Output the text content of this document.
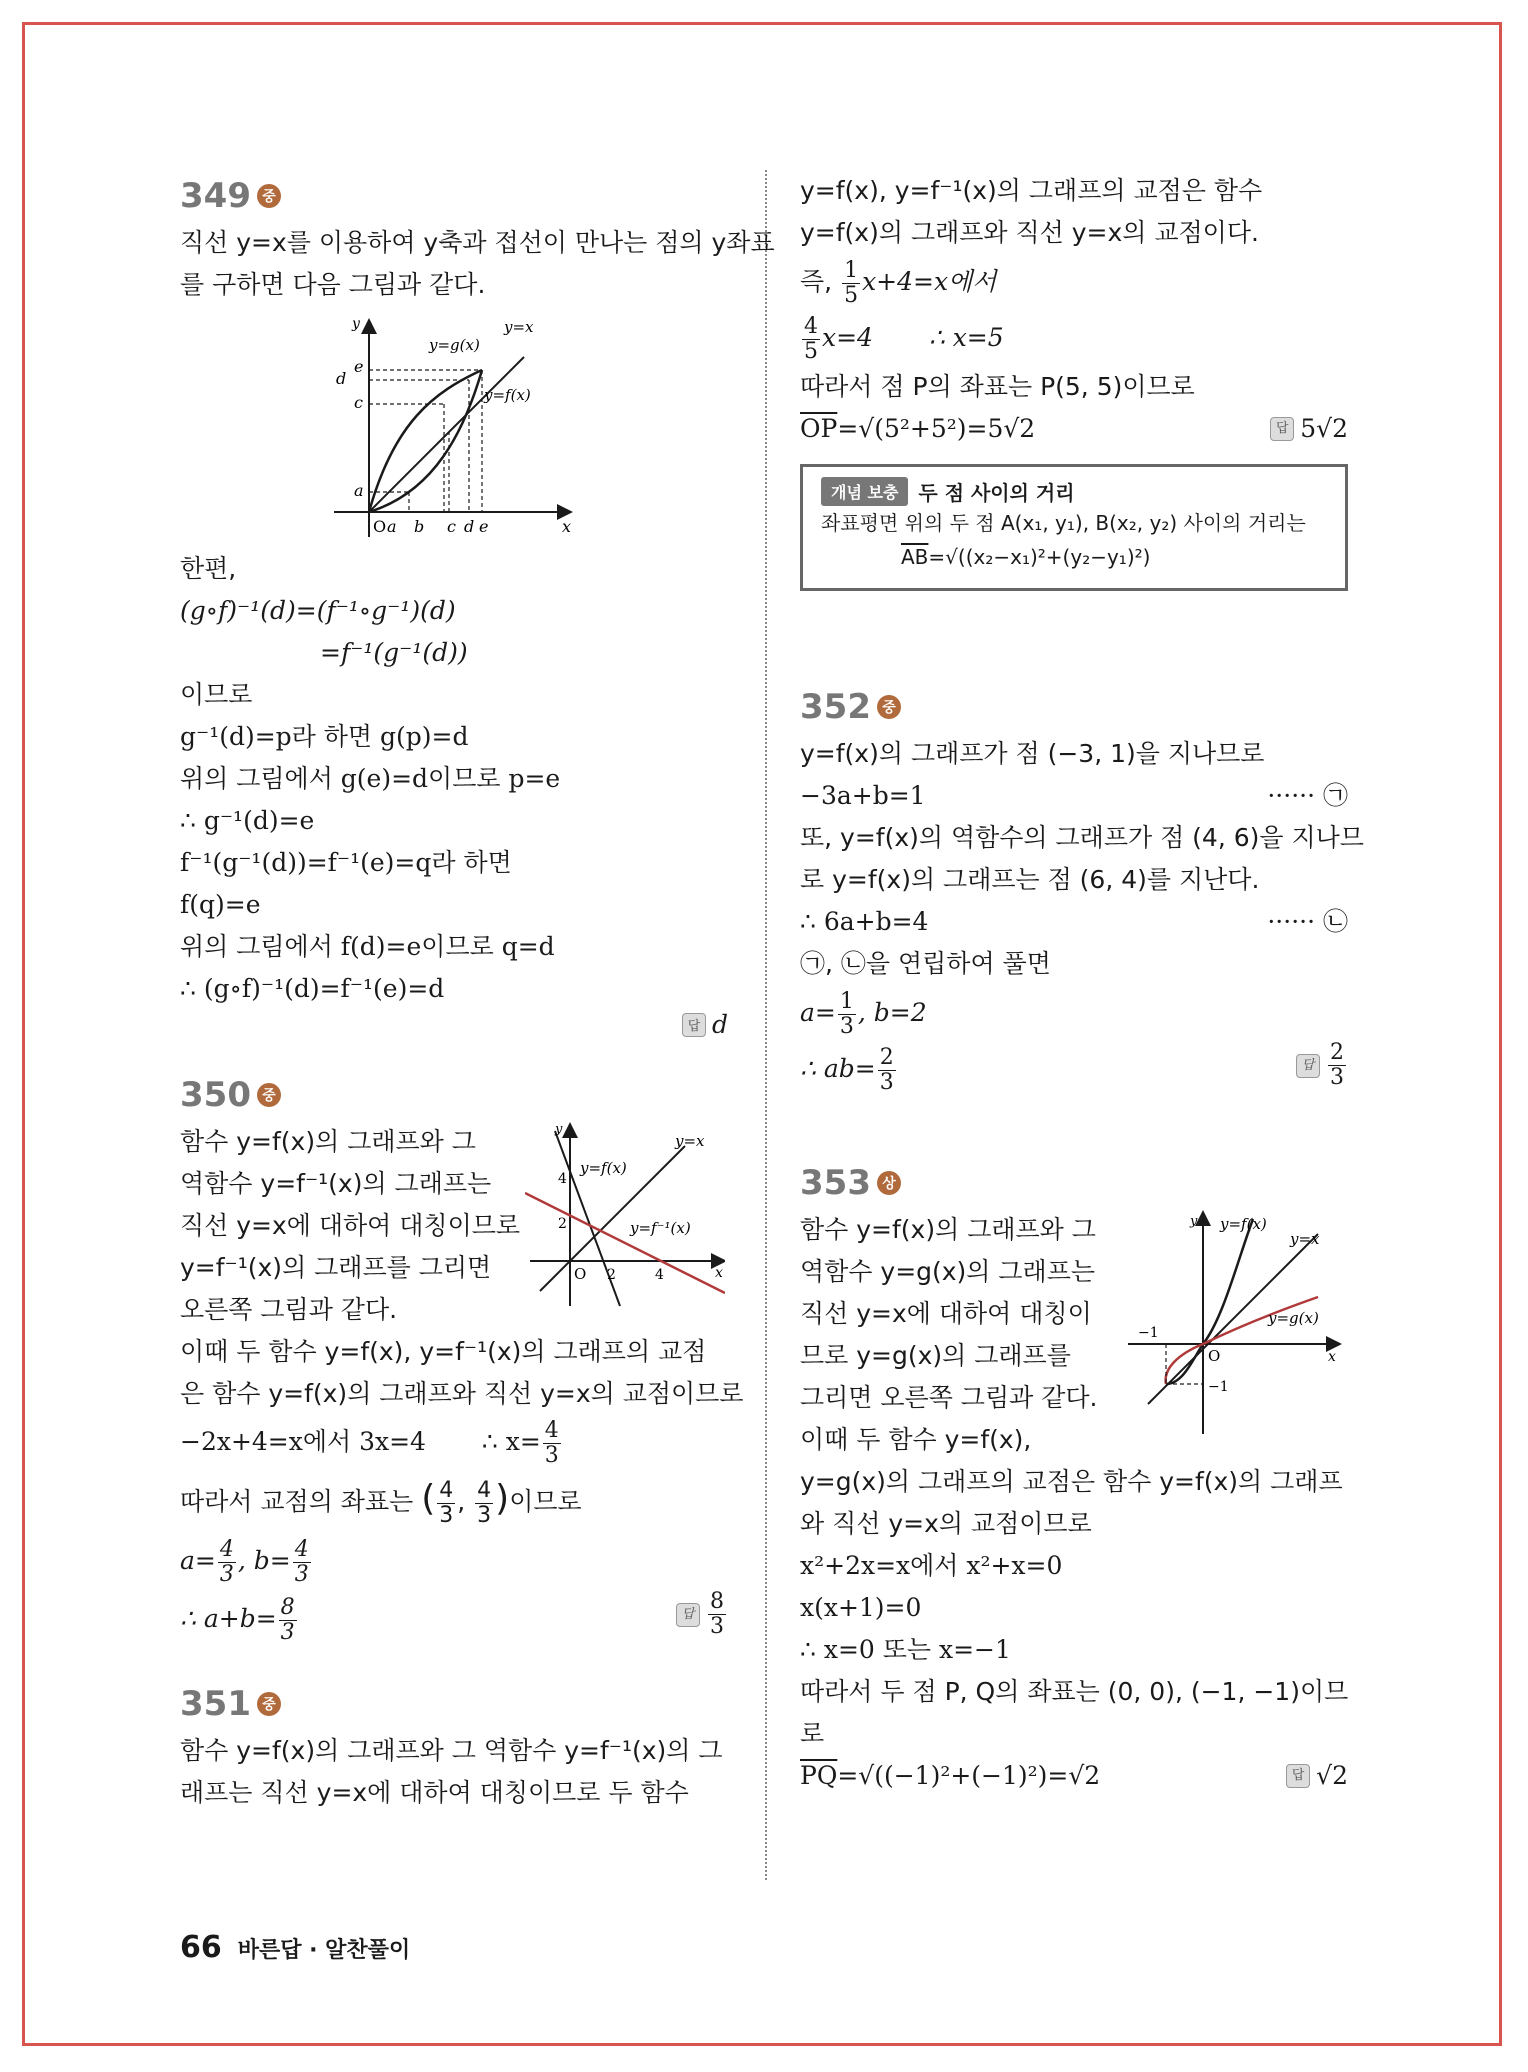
349 중
직선 y=x를 이용하여 y축과 접선이 만나는 점의 y좌표
를 구하면 다음 그림과 같다.
y	y=x
y=g(x)
y=f(x)
d
e
c
a
O a b c d e	x
한편,
(g∘f)⁻¹(d)=(f⁻¹∘g⁻¹)(d)
=f⁻¹(g⁻¹(d))
이므로
g⁻¹(d)=p라 하면 g(p)=d
위의 그림에서 g(e)=d이므로 p=e
∴ g⁻¹(d)=e
f⁻¹(g⁻¹(d))=f⁻¹(e)=q라 하면
f(q)=e
위의 그림에서 f(d)=e이므로 q=d
∴ (g∘f)⁻¹(d)=f⁻¹(e)=d
답 d
350 중
함수 y=f(x)의 그래프와 그
역함수 y=f⁻¹(x)의 그래프는
직선 y=x에 대하여 대칭이므로
y=f⁻¹(x)의 그래프를 그리면
오른쪽 그림과 같다.
y
y=x
y=f(x)
y=f⁻¹(x)
4
2
O 2	4	x
이때 두 함수 y=f(x), y=f⁻¹(x)의 그래프의 교점
은 함수 y=f(x)의 그래프와 직선 y=x의 교점이므로
−2x+4=x에서 3x=4 ∴ $x= \frac{4}{3}$
따라서 교점의 좌표는 ( $\frac{4}{3}$ , $\frac{4}{3}$ )이므로
$a= \frac{4}{3}$ , $b= \frac{4}{3}$
∴ $a+b= \frac{8}{3}$	답 $\frac{8}{3}$
351 중
함수 y=f(x)의 그래프와 그 역함수 y=f⁻¹(x)의 그
래프는 직선 y=x에 대하여 대칭이므로 두 함수
y=f(x), y=f⁻¹(x)의 그래프의 교점은 함수
y=f(x)의 그래프와 직선 y=x의 교점이다.
즉, $\frac{1}{5} x+4=x$에서
$\frac{4}{5} x=4$ ∴ x=5
따라서 점 P의 좌표는 P(5, 5)이므로
$\overline{OP}=√(5^2+5^2)=5√2$	답 5√2
개념 보충	두 점 사이의 거리
좌표평면 위의 두 점 A(x₁, y₁), B(x₂, y₂) 사이의 거리는
$\overline{AB}=√((x_2-x_1)^2+(y_2-y_1)^2)$
352 중
y=f(x)의 그래프가 점 (−3, 1)을 지나므로
−3a+b=1	······ ㉠
또, y=f(x)의 역함수의 그래프가 점 (4, 6)을 지나므
로 y=f(x)의 그래프는 점 (6, 4)를 지난다.
∴ 6a+b=4	······ ㉡
㉠, ㉡을 연립하여 풀면
$a= \frac{1}{3}$ , b=2
∴ $ab= \frac{2}{3}$	답 $\frac{2}{3}$
353 상
함수 y=f(x)의 그래프와 그
역함수 y=g(x)의 그래프는
직선 y=x에 대하여 대칭이
므로 y=g(x)의 그래프를
그리면 오른쪽 그림과 같다.
이때 두 함수 y=f(x),
y y=f(x)
y=x
y=g(x)
−1
O	x
−1
y=g(x)의 그래프의 교점은 함수 y=f(x)의 그래프
와 직선 y=x의 교점이므로
x²+2x=x에서 x²+x=0
x(x+1)=0
∴ x=0 또는 x=−1
따라서 두 점 P, Q의 좌표는 (0, 0), (−1, −1)이므
로
$\overline{PQ}=√((-1)^2+(-1)^2)=√2$	답 √2
66 바른답 · 알찬풀이
